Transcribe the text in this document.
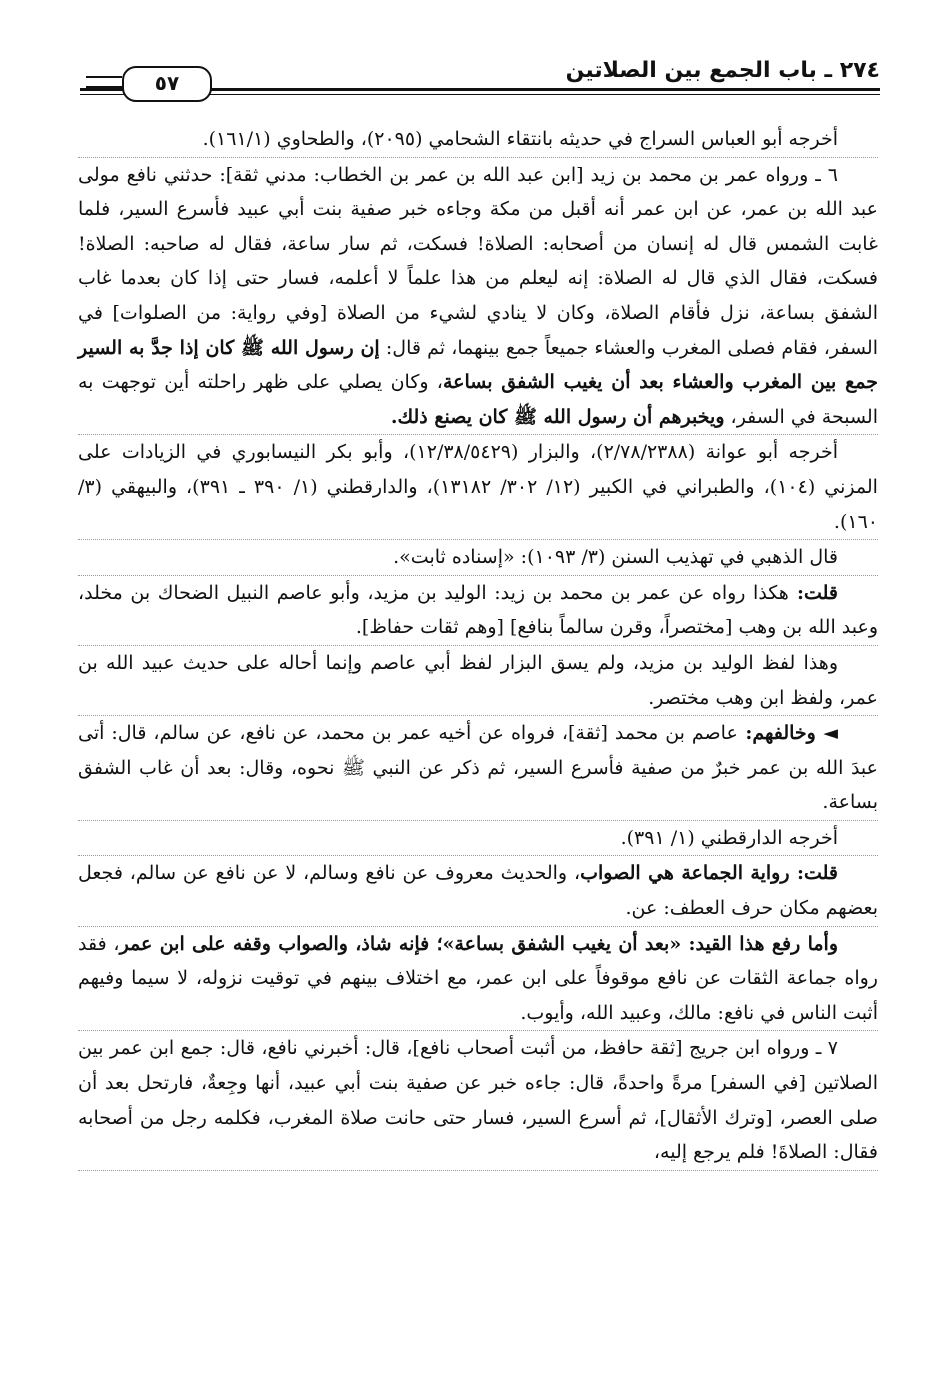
٢٧٤ ـ باب الجمع بين الصلاتين
٥٧

أخرجه أبو العباس السراج في حديثه بانتقاء الشحامي (٢٠٩٥)، والطحاوي (١٦١/١).

٦ ـ ورواه عمر بن محمد بن زيد [ابن عبد الله بن عمر بن الخطاب: مدني ثقة]: حدثني نافع مولى عبد الله بن عمر، عن ابن عمر أنه أقبل من مكة وجاءه خبر صفية بنت أبي عبيد فأسرع السير، فلما غابت الشمس قال له إنسان من أصحابه: الصلاة! فسكت، ثم سار ساعة، فقال له صاحبه: الصلاة! فسكت، فقال الذي قال له الصلاة: إنه ليعلم من هذا علماً لا أعلمه، فسار حتى إذا كان بعدما غاب الشفق بساعة، نزل فأقام الصلاة، وكان لا ينادي لشيء من الصلاة [وفي رواية: من الصلوات] في السفر، فقام فصلى المغرب والعشاء جميعاً جمع بينهما، ثم قال: إن رسول الله ﷺ كان إذا جدَّ به السير جمع بين المغرب والعشاء بعد أن يغيب الشفق بساعة، وكان يصلي على ظهر راحلته أين توجهت به السبحة في السفر، ويخبرهم أن رسول الله ﷺ كان يصنع ذلك.

أخرجه أبو عوانة (٢/٧٨/٢٣٨٨)، والبزار (١٢/٣٨/٥٤٢٩)، وأبو بكر النيسابوري في الزيادات على المزني (١٠٤)، والطبراني في الكبير (١٢/ ٣٠٢/ ١٣١٨٢)، والدارقطني (١/ ٣٩٠ ـ ٣٩١)، والبيهقي (٣/ ١٦٠).

قال الذهبي في تهذيب السنن (٣/ ١٠٩٣): «إسناده ثابت».

قلت: هكذا رواه عن عمر بن محمد بن زيد: الوليد بن مزيد، وأبو عاصم النبيل الضحاك بن مخلد، وعبد الله بن وهب [مختصراً، وقرن سالماً بنافع] [وهم ثقات حفاظ].

وهذا لفظ الوليد بن مزيد، ولم يسق البزار لفظ أبي عاصم وإنما أحاله على حديث عبيد الله بن عمر، ولفظ ابن وهب مختصر.

◄ وخالفهم: عاصم بن محمد [ثقة]، فرواه عن أخيه عمر بن محمد، عن نافع، عن سالم، قال: أتى عبدَ الله بن عمر خبرٌ من صفية فأسرع السير، ثم ذكر عن النبي ﷺ نحوه، وقال: بعد أن غاب الشفق بساعة.

أخرجه الدارقطني (١/ ٣٩١).

قلت: رواية الجماعة هي الصواب، والحديث معروف عن نافع وسالم، لا عن نافع عن سالم، فجعل بعضهم مكان حرف العطف: عن.

وأما رفع هذا القيد: «بعد أن يغيب الشفق بساعة»؛ فإنه شاذ، والصواب وقفه على ابن عمر، فقد رواه جماعة الثقات عن نافع موقوفاً على ابن عمر، مع اختلاف بينهم في توقيت نزوله، لا سيما وفيهم أثبت الناس في نافع: مالك، وعبيد الله، وأيوب.

٧ ـ ورواه ابن جريج [ثقة حافظ، من أثبت أصحاب نافع]، قال: أخبرني نافع، قال: جمع ابن عمر بين الصلاتين [في السفر] مرةً واحدةً، قال: جاءه خبر عن صفية بنت أبي عبيد، أنها وجِعةٌ، فارتحل بعد أن صلى العصر، [وترك الأثقال]، ثم أسرع السير، فسار حتى حانت صلاة المغرب، فكلمه رجل من أصحابه فقال: الصلاةَ! فلم يرجع إليه،
